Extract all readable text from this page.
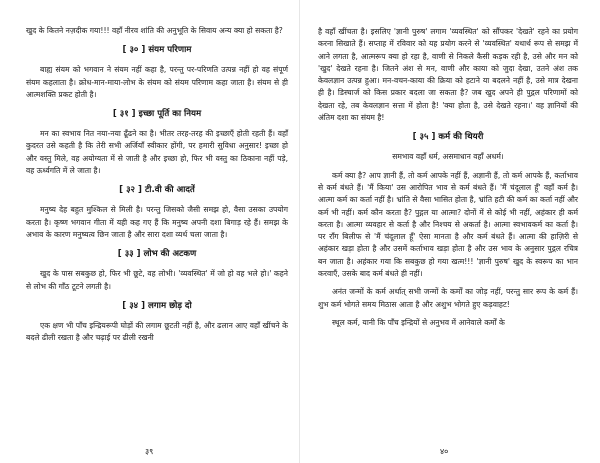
खुद के कितने नज़दीक गया!!! वहाँ नीरव शांति की अनुभूति के सिवाय अन्य क्या हो सकता है?

[ ३० ] संयम परिणाम

बाह्य संयम को भगवान ने संयम नहीं कहा है, परन्तु पर-परिणति उत्पन्न नहीं हो वह संपूर्ण संयम कहलाता है। क्रोध-मान-माया-लोभ के संयम को संयम परिणाम कहा जाता है। संयम से ही आत्मशक्ति प्रकट होती है।

[ ३१ ] इच्छा पूर्ति का नियम

मन का स्वभाव नित नया-नया ढूँढने का है। भीतर तरह-तरह की इच्छाएँ होती रहती हैं। वहाँ कुदरत उसे कहती है कि तेरी सभी अर्जियाँ स्वीकार होंगी, पर हमारी सुविधा अनुसार! इच्छा हो और वस्तु मिले, वह अयोग्यता में से जाती है और इच्छा हो, फिर भी वस्तु का ठिकाना नहीं पड़े, वह ऊर्ध्वगति में ले जाता है।

[ ३२ ] टी.वी की आदतें

मनुष्य देह बहुत मुश्किल से मिली है। परन्तु जिसको जैसी समझ हो, वैसा उसका उपयोग करता है। कृष्ण भगवान गीता में यही कह गए हैं कि मनुष्य अपनी दशा बिगाड़ रहे हैं। समझ के अभाव के कारण मनुष्यत्व छिन जाता है और सारा दशा व्यर्थ चला जाता है।

[ ३३ ] लोभ की अटकण

खुद के पास सबकुछ हो, फिर भी छूटे, वह लोभी। 'व्यवस्थित' में जो हो वह भले हो।' कहने से लोभ की गाँठ टूटने लगती है।

[ ३४ ] लगाम छोड़ दो

एक क्षण भी पाँच इन्द्रियरूपी घोड़ों की लगाम छूटती नहीं है, और ढलान आए वहाँ खींचने के बदले ढीली रखता है और चढ़ाई पर ढीली रखनी

३९

है वहाँ खींचता है। इसलिए 'ज्ञानी पुरुष' लगाम 'व्यवस्थित' को सौंपकर 'देखते' रहने का प्रयोग करना सिखाते हैं। सप्ताह में रविवार को यह प्रयोग करने से 'व्यवस्थित' यथार्थ रूप से समझ में आने लगता है, आत्मरूप क्या हो रहा है, वाणी से निकले कैसी कड़क रही है, उसे और मन को 'खुद' देखते रहना है। जितने अंश से मन, वाणी और काया को जुदा देखा, उतने अंश तक केवलज्ञान उत्पन्न हुआ। मन-वचन-काया की क्रिया को हटाने या बदलने नहीं है, उसे मात्र देखना ही है। डिस्चार्ज को किस प्रकार बदला जा सकता है? जब खुद अपने ही पुद्गल परिणामों को देखता रहे, तब केवलज्ञान सत्ता में होता है! 'क्या होता है, उसे देखते रहना।' वह ज्ञानियों की अंतिम दशा का संयम है!

[ ३५ ] कर्म की थियरी

समभाव वहाँ धर्म, असमाधान वहाँ अधर्म।

कर्म क्या है? आप ज्ञानी हैं, तो कर्म आपके नहीं हैं, अज्ञानी हैं, तो कर्म आपके हैं, कर्ताभाव से कर्म बंधते हैं। 'मैं किया' उस आरोपित भाव से कर्म बंधते हैं। 'मैं चंदूलाल हूँ' वहाँ कर्म है। आत्मा कर्म का कर्ता नहीं है। भ्रांति से वैसा भासित होता है, भ्रांति हटी की कर्म का कर्ता नहीं और कर्म भी नहीं। कर्म कौन करता है? पुद्गल या आत्मा? दोनों में से कोई भी नहीं, अहंकार ही कर्म करता है। आत्मा व्यवहार से कर्ता है और निश्चय से अकर्ता है। आत्मा स्वभावकर्म का कर्ता है। पर रॉंग बिलीफ से 'मैं चंदूलाल हूँ' ऐसा मानता है और कर्म बंधते हैं। आत्मा की हाज़िरी से अहंकार खड़ा होता है और उसमें कर्ताभाव खड़ा होता है और उस भाव के अनुसार पुद्गल रचित्र बन जाता है। अहंकार गया कि सबकुछ हो गया खत्म!!! 'ज्ञानी पुरुष' खुद के स्वरूप का भान करवाएँ, उसके बाद कर्म बंधते ही नहीं।

अनंत जन्मों के कर्म अर्थात् सभी जन्मों के कर्मों का जोड़ नहीं, परन्तु सार रूप के कर्म हैं। शुभ कर्म भोगते समय मिठास आता है और अशुभ भोगते हुए कड़वाहट!

स्थूल कर्म, यानी कि पाँच इन्द्रियों से अनुभव में आनेवाले कर्मों के

४०
